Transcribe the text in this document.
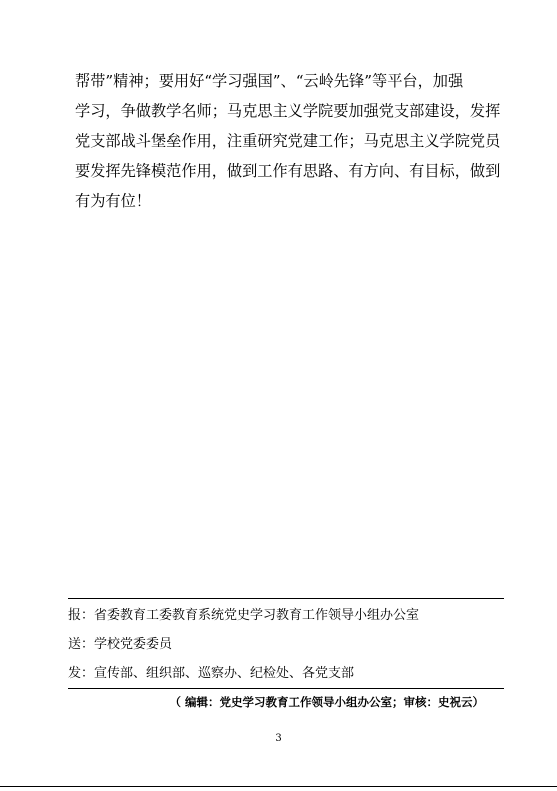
帮带”精神；要用好“学习强国”、“云岭先锋”等平台，加强
学习，争做教学名师；马克思主义学院要加强党支部建设，发挥
党支部战斗堡垒作用，注重研究党建工作；马克思主义学院党员
要发挥先锋模范作用，做到工作有思路、有方向、有目标，做到
有为有位！
报：省委教育工委教育系统党史学习教育工作领导小组办公室
送：学校党委委员
发：宣传部、组织部、巡察办、纪检处、各党支部
（ 编辑：党史学习教育工作领导小组办公室；审核：史祝云）
3
